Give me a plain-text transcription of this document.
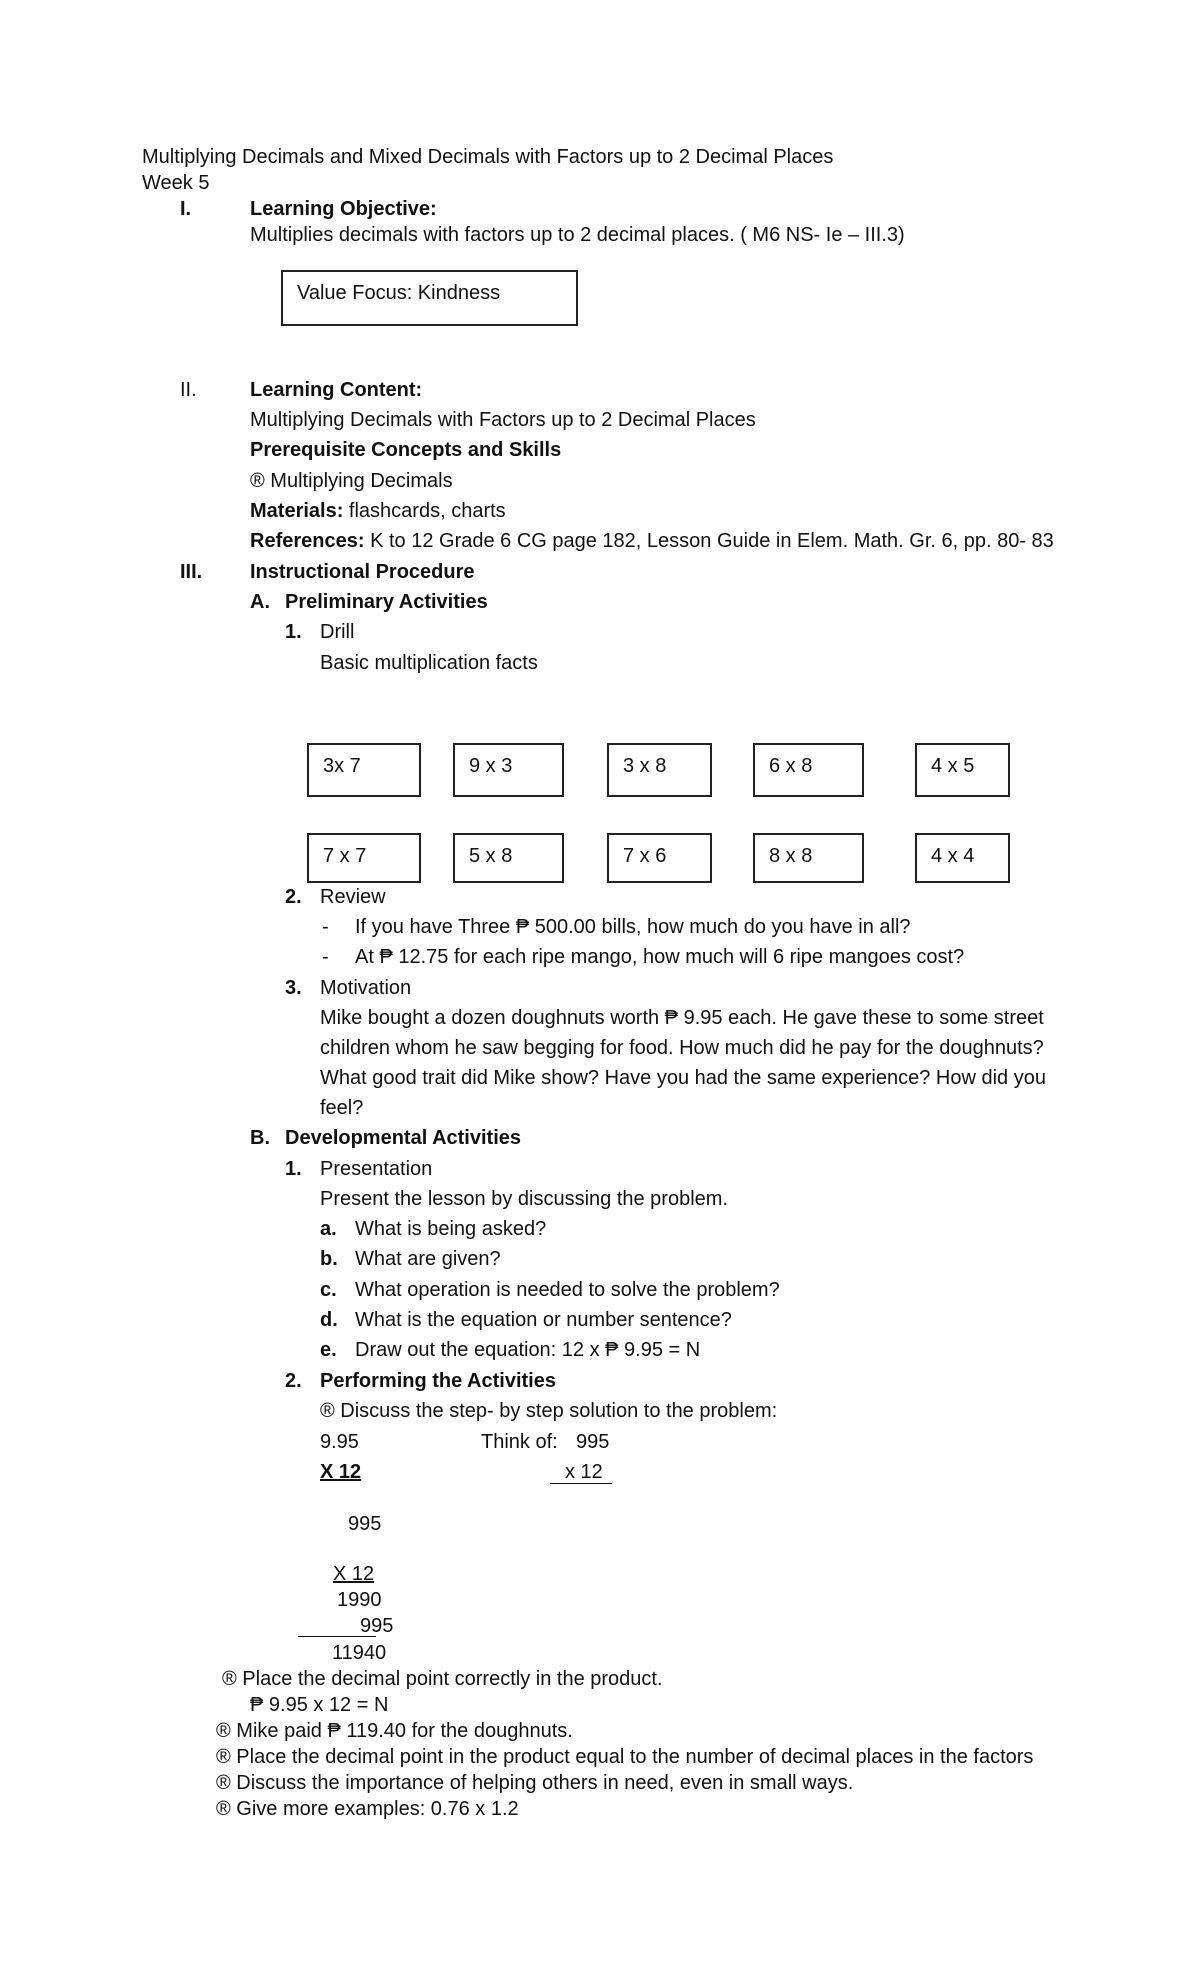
Multiplying Decimals and Mixed Decimals with Factors up to 2 Decimal Places
Week 5
I.	Learning Objective:
Multiplies decimals with factors up to 2 decimal places. ( M6 NS- Ie – III.3)
Value Focus: Kindness
II.	Learning Content:
Multiplying Decimals with Factors up to 2 Decimal Places
Prerequisite Concepts and Skills
® Multiplying Decimals
Materials: flashcards, charts
References: K to 12 Grade 6 CG page 182, Lesson Guide in Elem. Math. Gr. 6, pp. 80- 83
III. Instructional Procedure
A. Preliminary Activities
1. Drill
Basic multiplication facts
3x 7	9 x 3	3 x 8	6 x 8	4 x 5
7 x 7	5 x 8	7 x 6	8 x 8	4 x 4
2. Review
- If you have Three ₱ 500.00 bills, how much do you have in all?
- At ₱ 12.75 for each ripe mango, how much will 6 ripe mangoes cost?
3. Motivation
Mike bought a dozen doughnuts worth ₱ 9.95 each. He gave these to some street
children whom he saw begging for food. How much did he pay for the doughnuts?
What good trait did Mike show? Have you had the same experience? How did you
feel?
B. Developmental Activities
1. Presentation
Present the lesson by discussing the problem.
a. What is being asked?
b. What are given?
c. What operation is needed to solve the problem?
d. What is the equation or number sentence?
e. Draw out the equation: 12 x ₱ 9.95 = N
2. Performing the Activities
® Discuss the step- by step solution to the problem:
9.95
X 12
Think of: 995
x 12
995
X 12
1990
995
11940
® Place the decimal point correctly in the product.
₱ 9.95 x 12 = N
® Mike paid ₱ 119.40 for the doughnuts.
® Place the decimal point in the product equal to the number of decimal places in the factors
® Discuss the importance of helping others in need, even in small ways.
® Give more examples: 0.76 x 1.2
